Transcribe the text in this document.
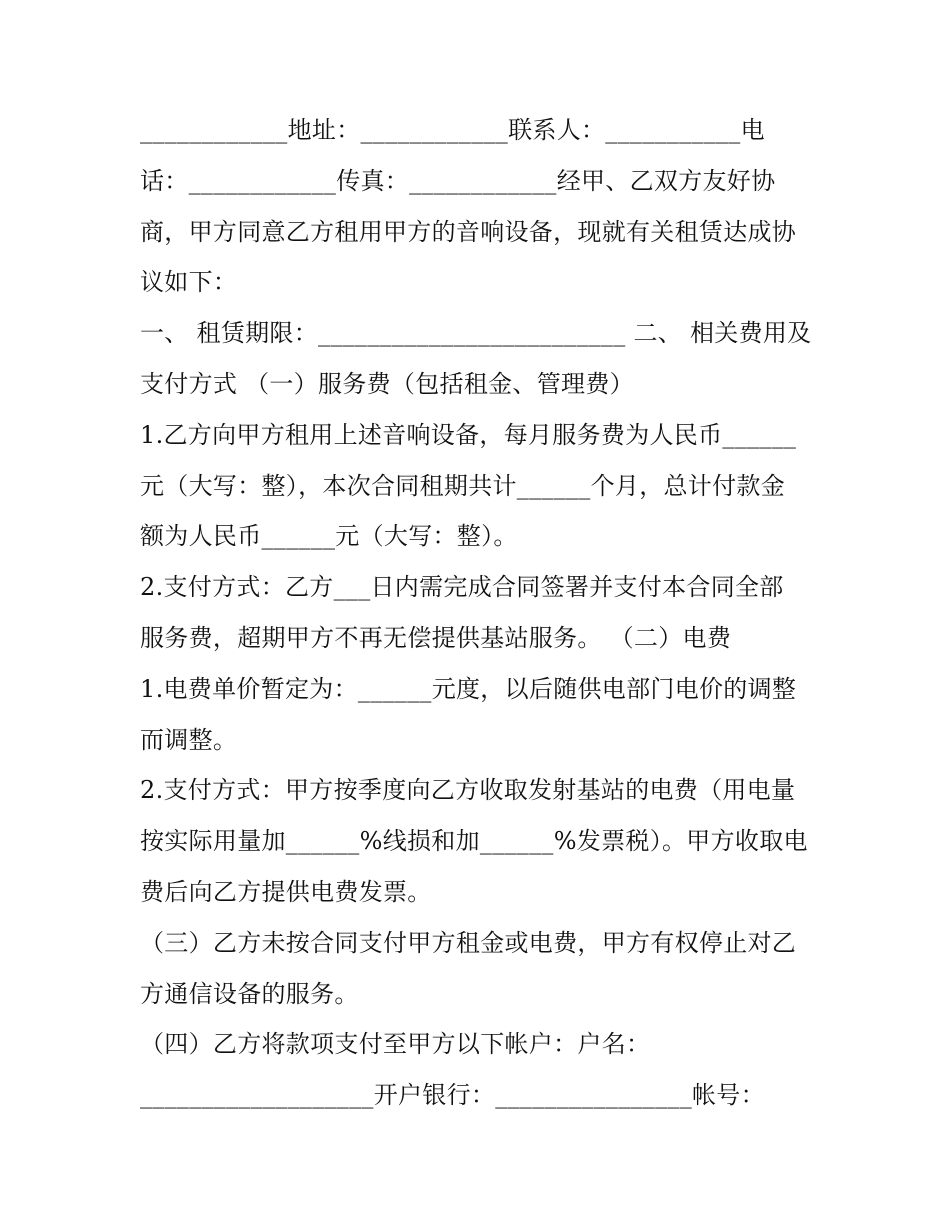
____________地址：____________联系人：___________电
话：____________传真：____________经甲、乙双方友好协
商，甲方同意乙方租用甲方的音响设备，现就有关租赁达成协
议如下：
一、 租赁期限：_________________________ 二、 相关费用及
支付方式 （一）服务费（包括租金、管理费）
1.乙方向甲方租用上述音响设备，每月服务费为人民币______
元（大写：整），本次合同租期共计______个月，总计付款金
额为人民币______元（大写：整）。
2.支付方式：乙方___日内需完成合同签署并支付本合同全部
服务费，超期甲方不再无偿提供基站服务。 （二）电费
1.电费单价暂定为：______元度，以后随供电部门电价的调整
而调整。
2.支付方式：甲方按季度向乙方收取发射基站的电费（用电量
按实际用量加______%线损和加______%发票税）。甲方收取电
费后向乙方提供电费发票。
（三）乙方未按合同支付甲方租金或电费，甲方有权停止对乙
方通信设备的服务。
（四）乙方将款项支付至甲方以下帐户：户名：
___________________开户银行：________________帐号：
